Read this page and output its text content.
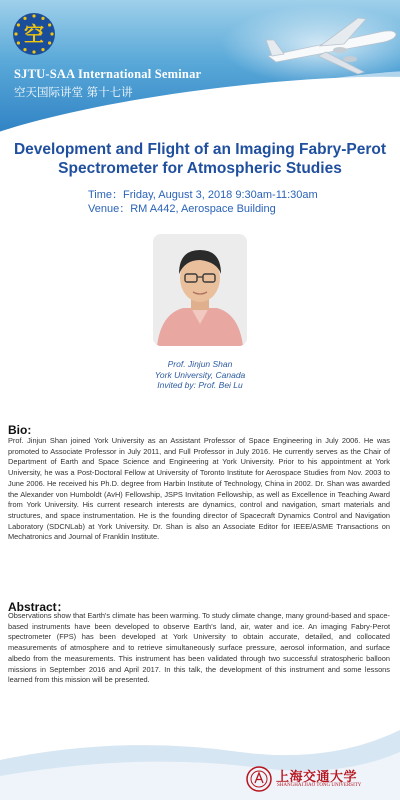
空

SJTU-SAA International Seminar

空天国际讲堂 第十七讲

Development and Flight of an Imaging Fabry-Perot Spectrometer for Atmospheric Studies
Time：Friday, August 3, 2018 9:30am-11:30am
Venue：RM A442, Aerospace Building
Prof. Jinjun Shan
York University, Canada
Invited by: Prof. Bei Lu
Bio:

Prof. Jinjun Shan joined York University as an Assistant Professor of Space Engineering in July 2006. He was promoted to Associate Professor in July 2011, and Full Professor in July 2016. He currently serves as the Chair of Department of Earth and Space Science and Engineering at York University. Prior to his appointment at York University, he was a Post-Doctoral Fellow at University of Toronto Institute for Aerospace Studies from Nov. 2003 to June 2006. He received his Ph.D. degree from Harbin Institute of Technology, China in 2002. Dr. Shan was awarded the Alexander von Humboldt (AvH) Fellowship, JSPS Invitation Fellowship, as well as Excellence in Teaching Award from York University. His current research interests are dynamics, control and navigation, smart materials and structures, and space instrumentation. He is the founding director of Spacecraft Dynamics Control and Navigation Laboratory (SDCNLab) at York University. Dr. Shan is also an Associate Editor for IEEE/ASME Transactions on Mechatronics and Journal of Franklin Institute.

Abstract：

Observations show that Earth's climate has been warming. To study climate change, many ground-based and space-based instruments have been developed to observe Earth's land, air, water and ice. An imaging Fabry-Perot spectrometer (FPS) has been developed at York University to obtain accurate, detailed, and collocated measurements of atmosphere and to retrieve simultaneously surface pressure, aerosol information, and surface albedo from the measurements. This instrument has been validated through two successful stratospheric balloon missions in September 2016 and April 2017. In this talk, the development of this instrument and some lessons learned from this mission will be presented.

上海交通大学

SHANGHAI JIAO TONG UNIVERSITY
